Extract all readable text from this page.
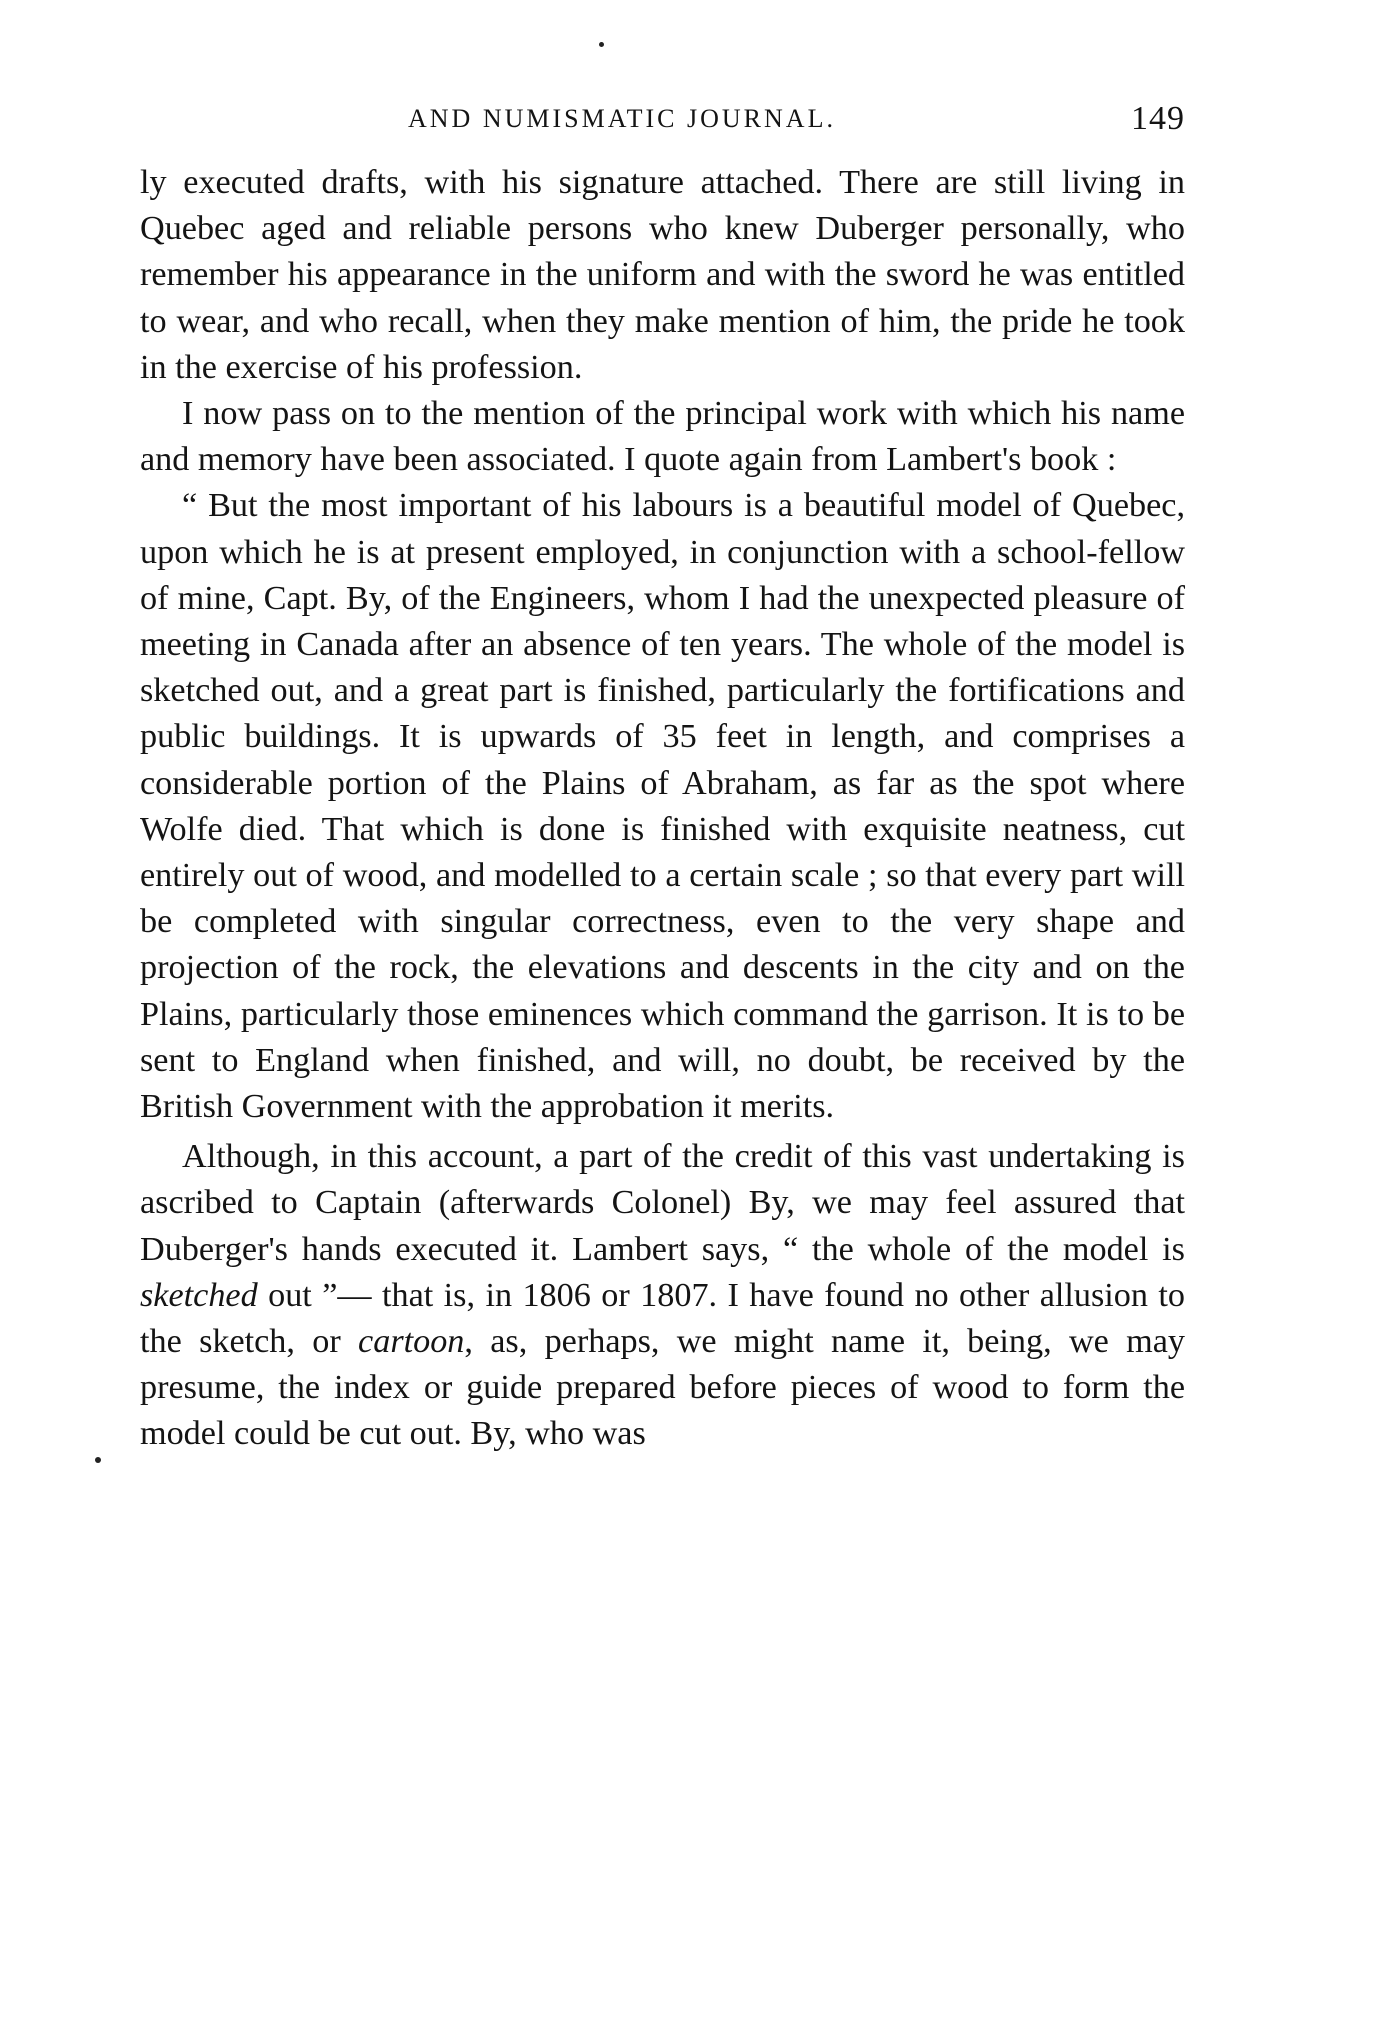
AND NUMISMATIC JOURNAL.	149

ly executed drafts, with his signature attached. There are still living in Quebec aged and reliable persons who knew Duberger personally, who remember his appearance in the uniform and with the sword he was entitled to wear, and who recall, when they make mention of him, the pride he took in the exercise of his profession.

I now pass on to the mention of the principal work with which his name and memory have been associated. I quote again from Lambert's book :

“ But the most important of his labours is a beautiful model of Quebec, upon which he is at present employed, in conjunction with a school-fellow of mine, Capt. By, of the Engineers, whom I had the unexpected pleasure of meeting in Canada after an absence of ten years. The whole of the model is sketched out, and a great part is finished, particularly the fortifications and public buildings. It is upwards of 35 feet in length, and comprises a considerable portion of the Plains of Abraham, as far as the spot where Wolfe died. That which is done is finished with exquisite neatness, cut entirely out of wood, and modelled to a certain scale ; so that every part will be completed with singular correctness, even to the very shape and projection of the rock, the elevations and descents in the city and on the Plains, particularly those eminences which command the garrison. It is to be sent to England when finished, and will, no doubt, be received by the British Government with the approbation it merits.

Although, in this account, a part of the credit of this vast undertaking is ascribed to Captain (afterwards Colonel) By, we may feel assured that Duberger's hands executed it. Lambert says, “ the whole of the model is sketched out ”— that is, in 1806 or 1807. I have found no other allusion to the sketch, or cartoon, as, perhaps, we might name it, being, we may presume, the index or guide prepared before pieces of wood to form the model could be cut out. By, who was
